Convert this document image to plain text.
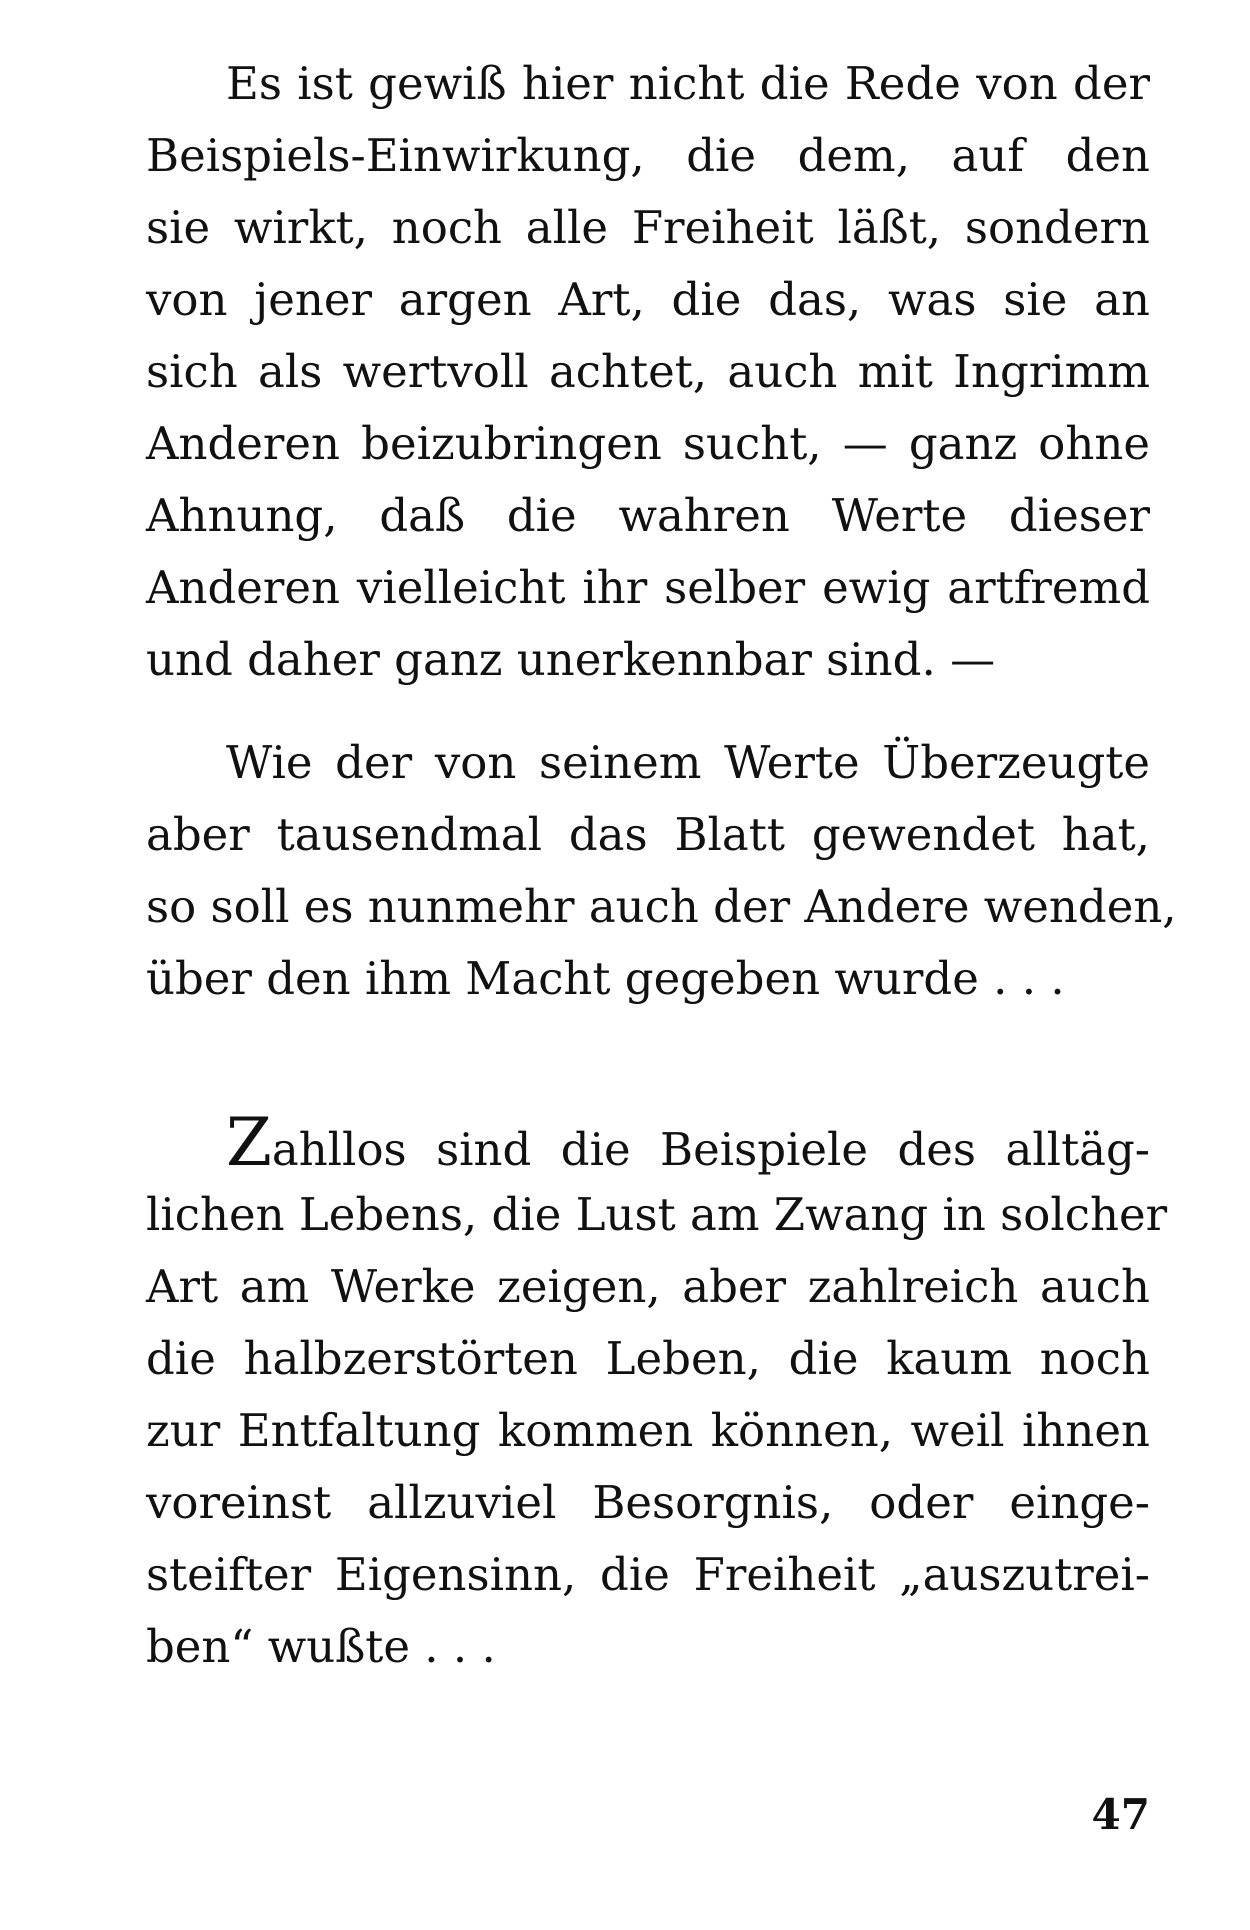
Es ist gewiß hier nicht die Rede von der
Beispiels-Einwirkung, die dem, auf den
sie wirkt, noch alle Freiheit läßt, sondern
von jener argen Art, die das, was sie an
sich als wertvoll achtet, auch mit Ingrimm
Anderen beizubringen sucht, — ganz ohne
Ahnung, daß die wahren Werte dieser
Anderen vielleicht ihr selber ewig artfremd
und daher ganz unerkennbar sind. —
Wie der von seinem Werte Überzeugte
aber tausendmal das Blatt gewendet hat,
so soll es nunmehr auch der Andere wenden,
über den ihm Macht gegeben wurde . . .
Zahllos sind die Beispiele des alltäg-
lichen Lebens, die Lust am Zwang in solcher
Art am Werke zeigen, aber zahlreich auch
die halbzerstörten Leben, die kaum noch
zur Entfaltung kommen können, weil ihnen
voreinst allzuviel Besorgnis, oder einge-
steifter Eigensinn, die Freiheit „auszutrei-
ben“ wußte . . .
47
